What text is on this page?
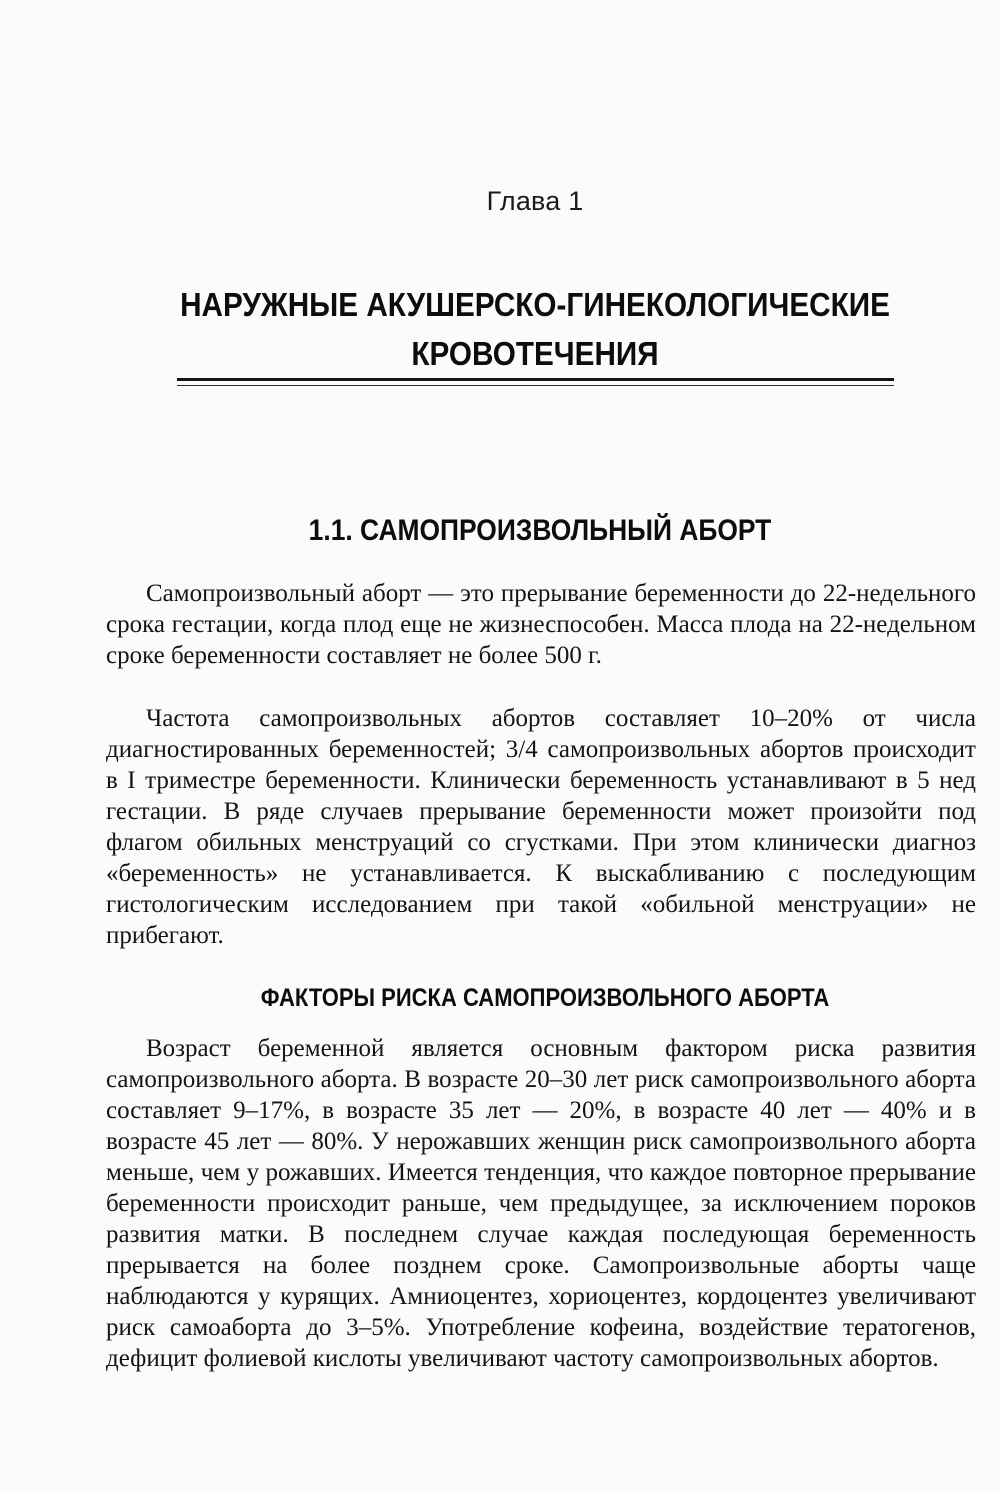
Глава 1
НАРУЖНЫЕ АКУШЕРСКО-ГИНЕКОЛОГИЧЕСКИЕ КРОВОТЕЧЕНИЯ
1.1. САМОПРОИЗВОЛЬНЫЙ АБОРТ

Самопроизвольный аборт — это прерывание беременности до 22-недельного срока гестации, когда плод еще не жизнеспособен. Масса плода на 22-недельном сроке беременности составляет не более 500 г.

Частота самопроизвольных абортов составляет 10–20% от числа диагностированных беременностей; 3/4 самопроизвольных абортов происходит в I триместре беременности. Клинически беременность устанавливают в 5 нед гестации. В ряде случаев прерывание беременности может произойти под флагом обильных менструаций со сгустками. При этом клинически диагноз «беременность» не устанавливается. К выскабливанию с последующим гистологическим исследованием при такой «обильной менструации» не прибегают.

ФАКТОРЫ РИСКА САМОПРОИЗВОЛЬНОГО АБОРТА

Возраст беременной является основным фактором риска развития самопроизвольного аборта. В возрасте 20–30 лет риск самопроизвольного аборта составляет 9–17%, в возрасте 35 лет — 20%, в возрасте 40 лет — 40% и в возрасте 45 лет — 80%. У нерожавших женщин риск самопроизвольного аборта меньше, чем у рожавших. Имеется тенденция, что каждое повторное прерывание беременности происходит раньше, чем предыдущее, за исключением пороков развития матки. В последнем случае каждая последующая беременность прерывается на более позднем сроке. Самопроизвольные аборты чаще наблюдаются у курящих. Амниоцентез, хориоцентез, кордоцентез увеличивают риск самоаборта до 3–5%. Употребление кофеина, воздействие тератогенов, дефицит фолиевой кислоты увеличивают частоту самопроизвольных абортов.
